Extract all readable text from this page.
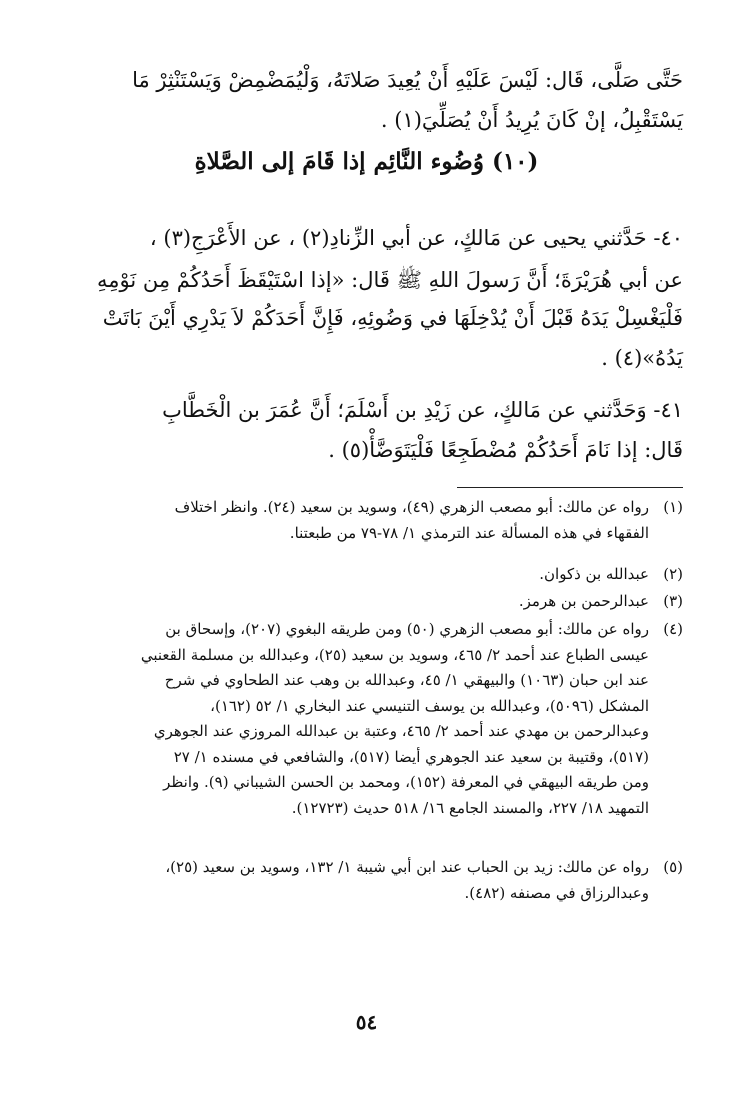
حَتَّى صَلَّى، قَال: لَيْسَ عَلَيْهِ أَنْ يُعِيدَ صَلاتَهُ، وَلْيُمَضْمِضْ وَيَسْتَنْثِرْ مَا
يَسْتَقْبِلُ، إنْ كَانَ يُرِيدُ أَنْ يُصَلِّيَ(١) .
(١٠) وُضُوء النَّائِم إذا قَامَ إلى الصَّلاةِ
٤٠- حَدَّثني يحيى عن مَالكٍ، عن أبي الزِّنادِ(٢) ، عن الأَعْرَجِ(٣) ،
عن أبي هُرَيْرَةَ؛ أَنَّ رَسولَ اللهِ ﷺ قَال: «إذا اسْتَيْقَظَ أَحَدُكُمْ مِن نَوْمِهِ
فَلْيَغْسِلْ يَدَهُ قَبْلَ أَنْ يُدْخِلَهَا في وَضُوئِهِ، فَإِنَّ أَحَدَكُمْ لاَ يَدْرِي أَيْنَ بَاتَتْ
يَدُهُ»(٤) .
٤١- وَحَدَّثني عن مَالكٍ، عن زَيْدِ بن أَسْلَمَ؛ أَنَّ عُمَرَ بن الْخَطَّابِ
قَال: إذا نَامَ أَحَدُكُمْ مُضْطَجِعًا فَلْيَتَوَضَّأْ(٥) .
(١)رواه عن مالك: أبو مصعب الزهري (٤٩)، وسويد بن سعيد (٢٤). وانظر اختلاف
الفقهاء في هذه المسألة عند الترمذي ١/ ٧٨-٧٩ من طبعتنا.
(٢)عبدالله بن ذكوان.
(٣)عبدالرحمن بن هرمز.
(٤)رواه عن مالك: أبو مصعب الزهري (٥٠) ومن طريقه البغوي (٢٠٧)، وإسحاق بن
عيسى الطباع عند أحمد ٢/ ٤٦٥، وسويد بن سعيد (٢٥)، وعبدالله بن مسلمة القعنبي
عند ابن حبان (١٠٦٣) والبيهقي ١/ ٤٥، وعبدالله بن وهب عند الطحاوي في شرح
المشكل (٥٠٩٦)، وعبدالله بن يوسف التنيسي عند البخاري ١/ ٥٢ (١٦٢)،
وعبدالرحمن بن مهدي عند أحمد ٢/ ٤٦٥، وعتبة بن عبدالله المروزي عند الجوهري
(٥١٧)، وقتيبة بن سعيد عند الجوهري أيضا (٥١٧)، والشافعي في مسنده ١/ ٢٧
ومن طريقه البيهقي في المعرفة (١٥٢)، ومحمد بن الحسن الشيباني (٩). وانظر
التمهيد ١٨/ ٢٢٧، والمسند الجامع ١٦/ ٥١٨ حديث (١٢٧٢٣).
(٥)رواه عن مالك: زيد بن الحباب عند ابن أبي شيبة ١/ ١٣٢، وسويد بن سعيد (٢٥)،
وعبدالرزاق في مصنفه (٤٨٢).
٥٤
